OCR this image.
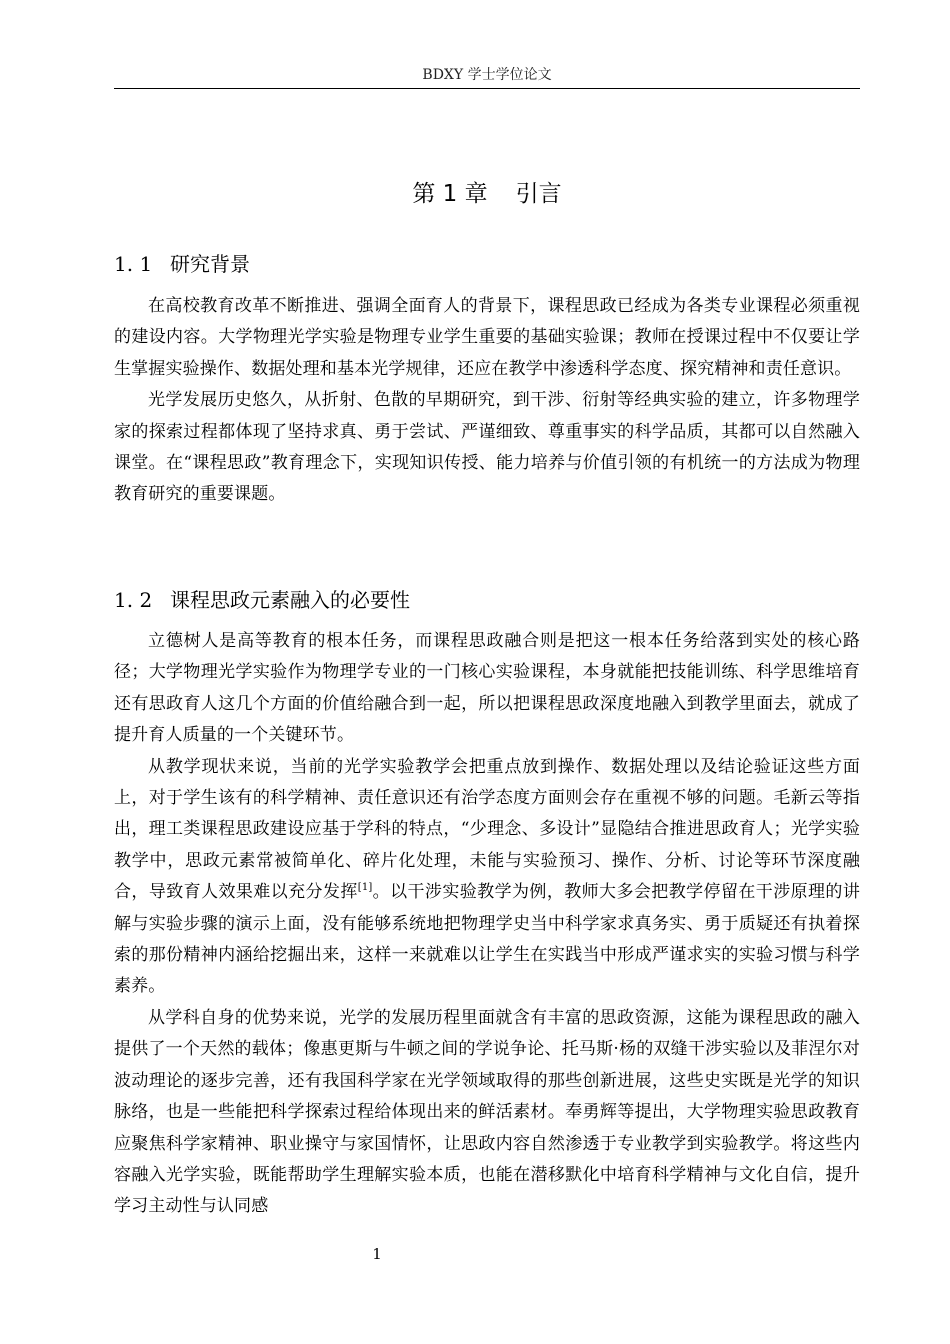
BDXY 学士学位论文
第 1 章 引言
1. 1 研究背景

在高校教育改革不断推进、强调全面育人的背景下，课程思政已经成为各类专业课程必须重视的建设内容。大学物理光学实验是物理专业学生重要的基础实验课；教师在授课过程中不仅要让学生掌握实验操作、数据处理和基本光学规律，还应在教学中渗透科学态度、探究精神和责任意识。

光学发展历史悠久，从折射、色散的早期研究，到干涉、衍射等经典实验的建立，许多物理学家的探索过程都体现了坚持求真、勇于尝试、严谨细致、尊重事实的科学品质，其都可以自然融入课堂。在“课程思政”教育理念下，实现知识传授、能力培养与价值引领的有机统一的方法成为物理教育研究的重要课题。

1. 2 课程思政元素融入的必要性

立德树人是高等教育的根本任务，而课程思政融合则是把这一根本任务给落到实处的核心路径；大学物理光学实验作为物理学专业的一门核心实验课程，本身就能把技能训练、科学思维培育还有思政育人这几个方面的价值给融合到一起，所以把课程思政深度地融入到教学里面去，就成了提升育人质量的一个关键环节。

从教学现状来说，当前的光学实验教学会把重点放到操作、数据处理以及结论验证这些方面上，对于学生该有的科学精神、责任意识还有治学态度方面则会存在重视不够的问题。毛新云等指出，理工类课程思政建设应基于学科的特点，“少理念、多设计”显隐结合推进思政育人；光学实验教学中，思政元素常被简单化、碎片化处理，未能与实验预习、操作、分析、讨论等环节深度融合，导致育人效果难以充分发挥[1]。以干涉实验教学为例，教师大多会把教学停留在干涉原理的讲解与实验步骤的演示上面，没有能够系统地把物理学史当中科学家求真务实、勇于质疑还有执着探索的那份精神内涵给挖掘出来，这样一来就难以让学生在实践当中形成严谨求实的实验习惯与科学素养。

从学科自身的优势来说，光学的发展历程里面就含有丰富的思政资源，这能为课程思政的融入提供了一个天然的载体；像惠更斯与牛顿之间的学说争论、托马斯·杨的双缝干涉实验以及菲涅尔对波动理论的逐步完善，还有我国科学家在光学领域取得的那些创新进展，这些史实既是光学的知识脉络，也是一些能把科学探索过程给体现出来的鲜活素材。奉勇辉等提出，大学物理实验思政教育应聚焦科学家精神、职业操守与家国情怀，让思政内容自然渗透于专业教学到实验教学。将这些内容融入光学实验，既能帮助学生理解实验本质，也能在潜移默化中培育科学精神与文化自信，提升学习主动性与认同感

1
